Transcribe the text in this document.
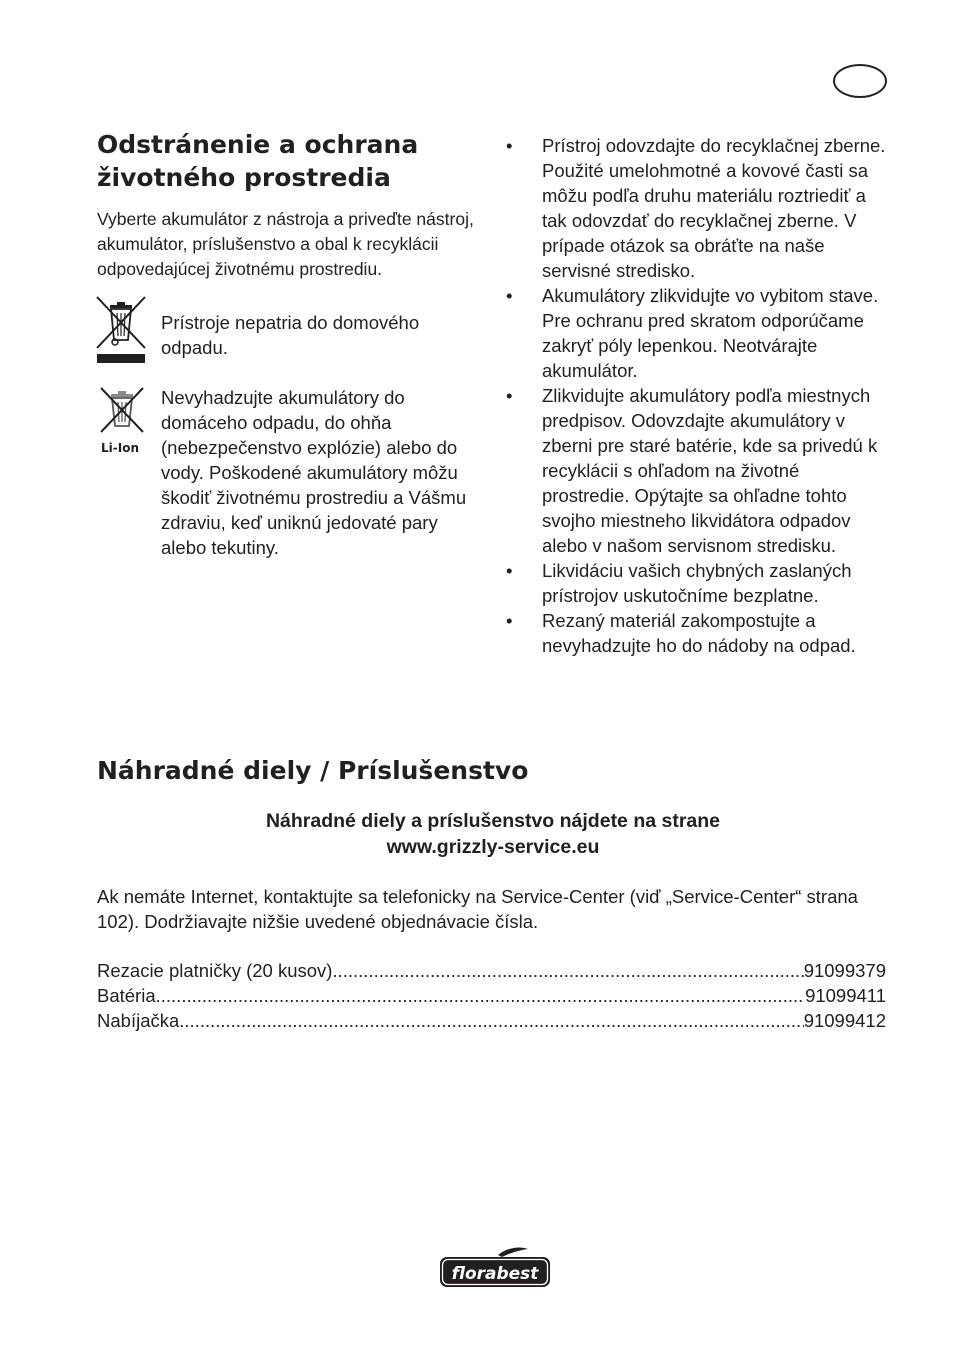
Odstránenie a ochrana životného prostredia

Vyberte akumulátor z nástroja a priveďte nástroj, akumulátor, príslušenstvo a obal k recyklácii odpovedajúcej životnému prostrediu.

Prístroje nepatria do domového odpadu.

Li-Ion

Nevyhadzujte akumulátory do domáceho odpadu, do ohňa (nebezpečenstvo explózie) alebo do vody. Poškodené akumulátory môžu škodiť životnému prostrediu a Vášmu zdraviu, keď uniknú jedovaté pary alebo tekutiny.

• Prístroj odovzdajte do recyklačnej zberne. Použité umelohmotné a kovové časti sa môžu podľa druhu materiálu roztriediť a tak odovzdať do recyklačnej zberne. V prípade otázok sa obráťte na naše servisné stredisko.
• Akumulátory zlikvidujte vo vybitom stave. Pre ochranu pred skratom odporúčame zakryť póly lepenkou. Neotvárajte akumulátor.
• Zlikvidujte akumulátory podľa miestnych predpisov. Odovzdajte akumulátory v zberni pre staré batérie, kde sa privedú k recyklácii s ohľadom na životné prostredie. Opýtajte sa ohľadne tohto svojho miestneho likvidátora odpadov alebo v našom servisnom stredisku.
• Likvidáciu vašich chybných zaslaných prístrojov uskutočníme bezplatne.
• Rezaný materiál zakompostujte a nevyhadzujte ho do nádoby na odpad.
Náhradné diely / Príslušenstvo

Náhradné diely a príslušenstvo nájdete na strane
www.grizzly-service.eu

Ak nemáte Internet, kontaktujte sa telefonicky na Service-Center (viď „Service-Center“ strana 102). Dodržiavajte nižšie uvedené objednávacie čísla.

Rezacie platničky (20 kusov) .....	91099379
Batéria .....	91099411
Nabíjačka .....	91099412
florabest
